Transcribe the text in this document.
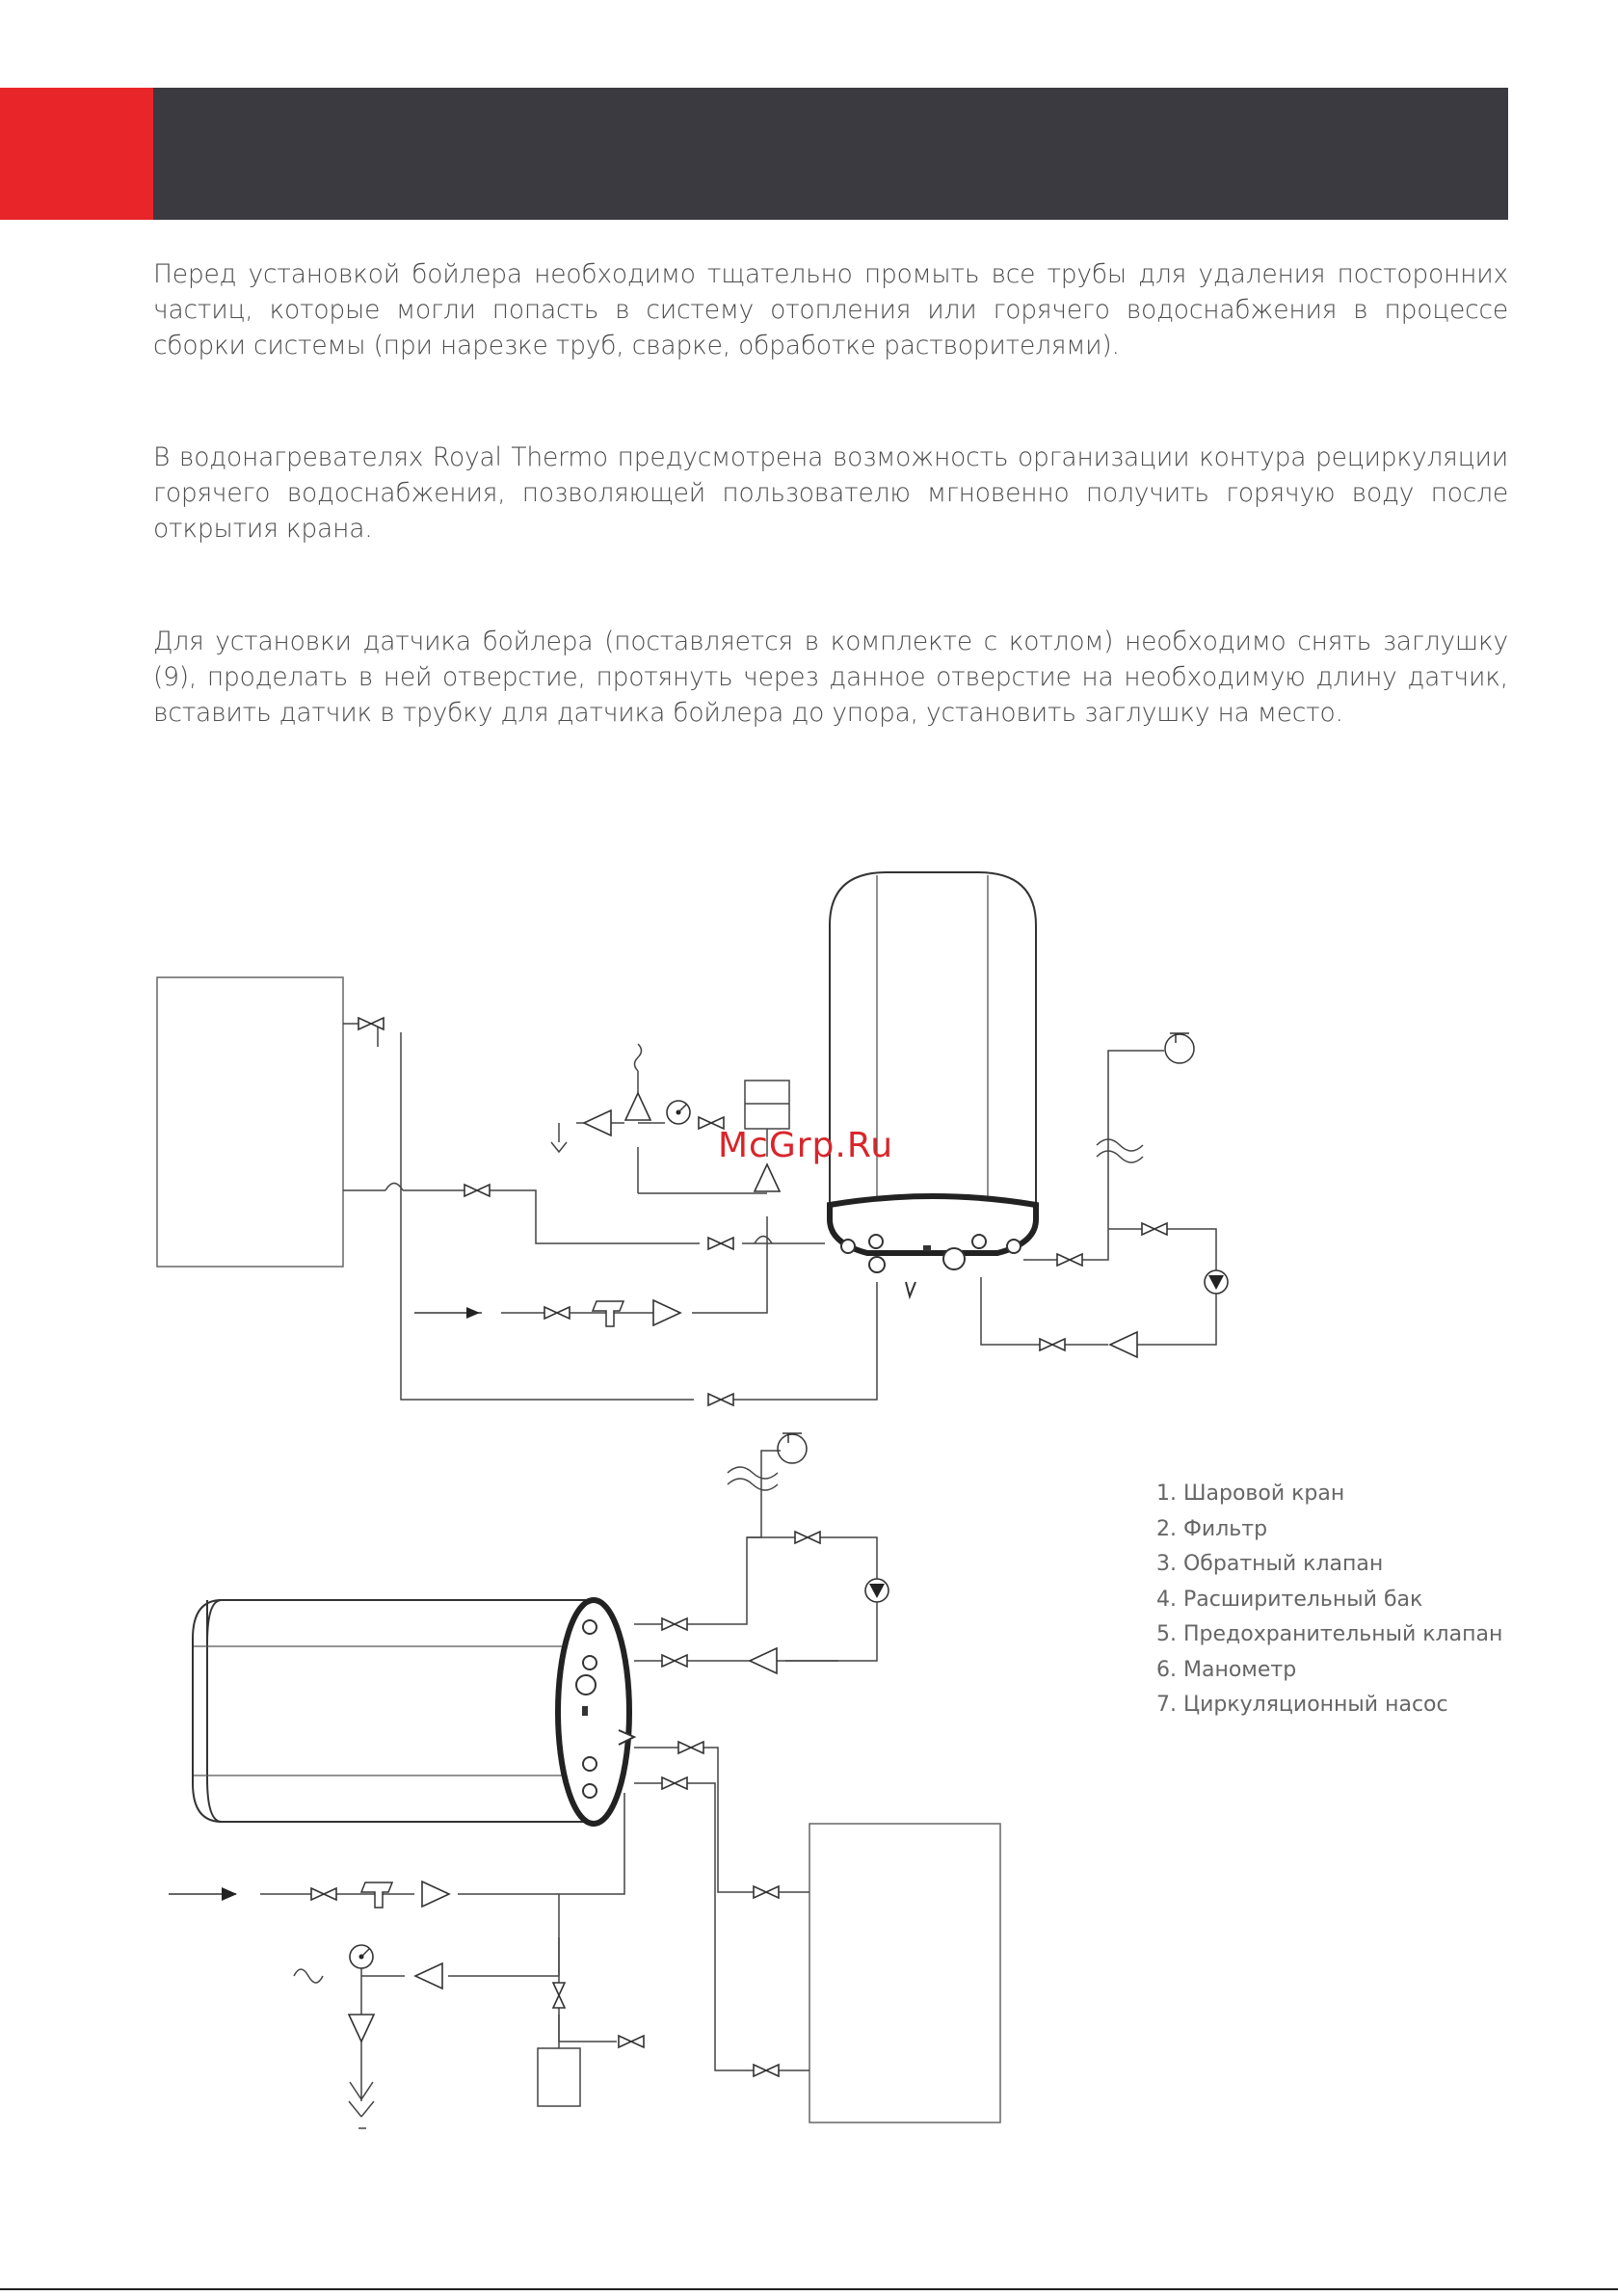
Перед установкой бойлера необходимо тщательно промыть все трубы для удаления посторонних частиц, которые могли попасть в систему отопления или горячего водоснабжения в процессе сборки системы (при нарезке труб, сварке, обработке растворителями).

В водонагревателях Royal Thermo предусмотрена возможность организации контура рециркуляции горячего водоснабжения, позволяющей пользователю мгновенно получить горячую воду после открытия крана.

Для установки датчика бойлера (поставляется в комплекте с котлом) необходимо снять заглушку (9), проделать в ней отверстие, протянуть через данное отверстие на необходимую длину датчик, вставить датчик в трубку для датчика бойлера до упора, установить заглушку на место.

McGrp.Ru
1. Шаровой кран
2. Фильтр
3. Обратный клапан
4. Расширительный бак
5. Предохранительный клапан
6. Манометр
7. Циркуляционный насос
